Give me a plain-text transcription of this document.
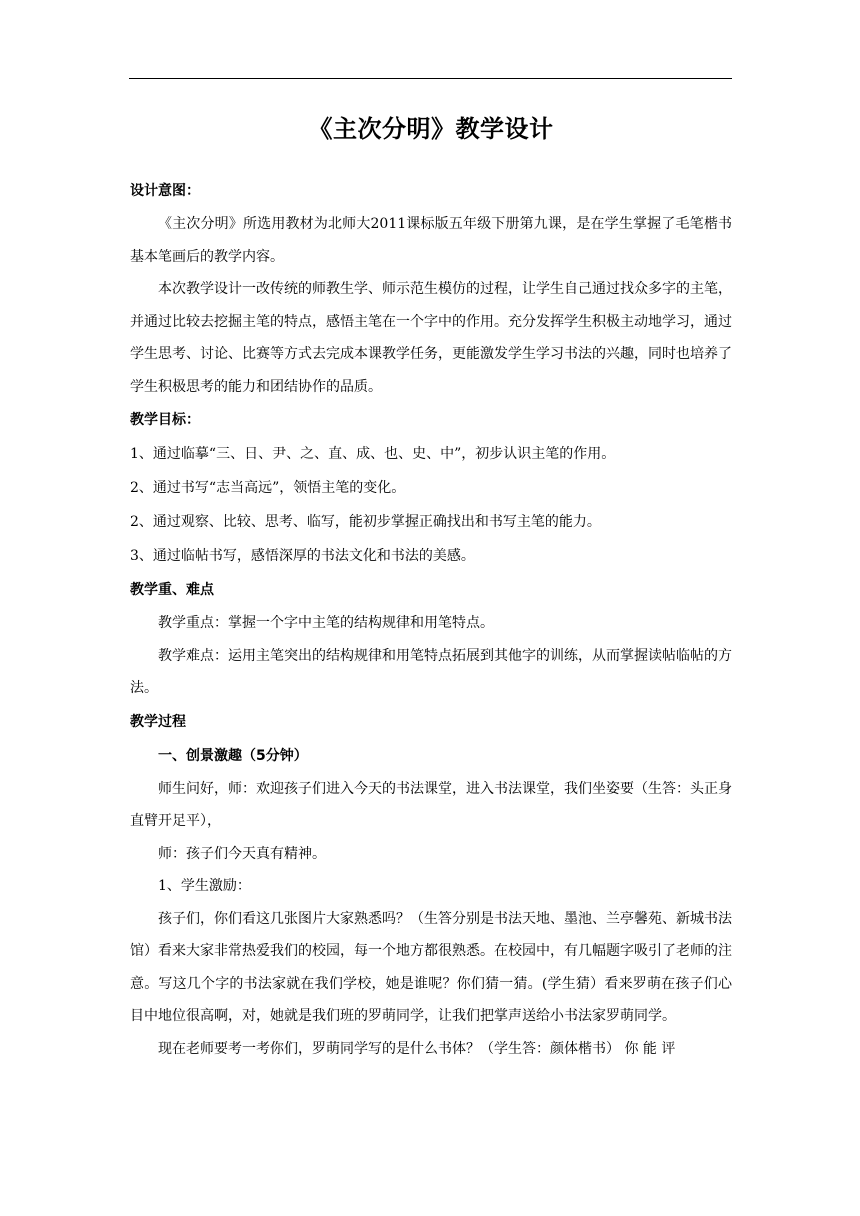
《主次分明》教学设计

设计意图：

《主次分明》所选用教材为北师大2011课标版五年级下册第九课，是在学生掌握了毛笔楷书基本笔画后的教学内容。

本次教学设计一改传统的师教生学、师示范生模仿的过程，让学生自己通过找众多字的主笔，并通过比较去挖掘主笔的特点，感悟主笔在一个字中的作用。充分发挥学生积极主动地学习，通过学生思考、讨论、比赛等方式去完成本课教学任务，更能激发学生学习书法的兴趣，同时也培养了学生积极思考的能力和团结协作的品质。

教学目标：

1、通过临摹“三、日、尹、之、直、成、也、史、中”，初步认识主笔的作用。

2、通过书写“志当高远”，领悟主笔的变化。

2、通过观察、比较、思考、临写，能初步掌握正确找出和书写主笔的能力。

3、通过临帖书写，感悟深厚的书法文化和书法的美感。

教学重、难点

教学重点：掌握一个字中主笔的结构规律和用笔特点。

教学难点：运用主笔突出的结构规律和用笔特点拓展到其他字的训练，从而掌握读帖临帖的方法。

教学过程

一、创景激趣（5分钟）

师生问好，师：欢迎孩子们进入今天的书法课堂，进入书法课堂，我们坐姿要（生答：头正身直臂开足平），

师：孩子们今天真有精神。

1、学生激励：

孩子们，你们看这几张图片大家熟悉吗？（生答分别是书法天地、墨池、兰亭馨苑、新城书法馆）看来大家非常热爱我们的校园，每一个地方都很熟悉。在校园中，有几幅题字吸引了老师的注意。写这几个字的书法家就在我们学校，她是谁呢？你们猜一猜。(学生猜）看来罗萌在孩子们心目中地位很高啊，对，她就是我们班的罗萌同学，让我们把掌声送给小书法家罗萌同学。

现在老师要考一考你们，罗萌同学写的是什么书体？（学生答：颜体楷书） 你 能 评
